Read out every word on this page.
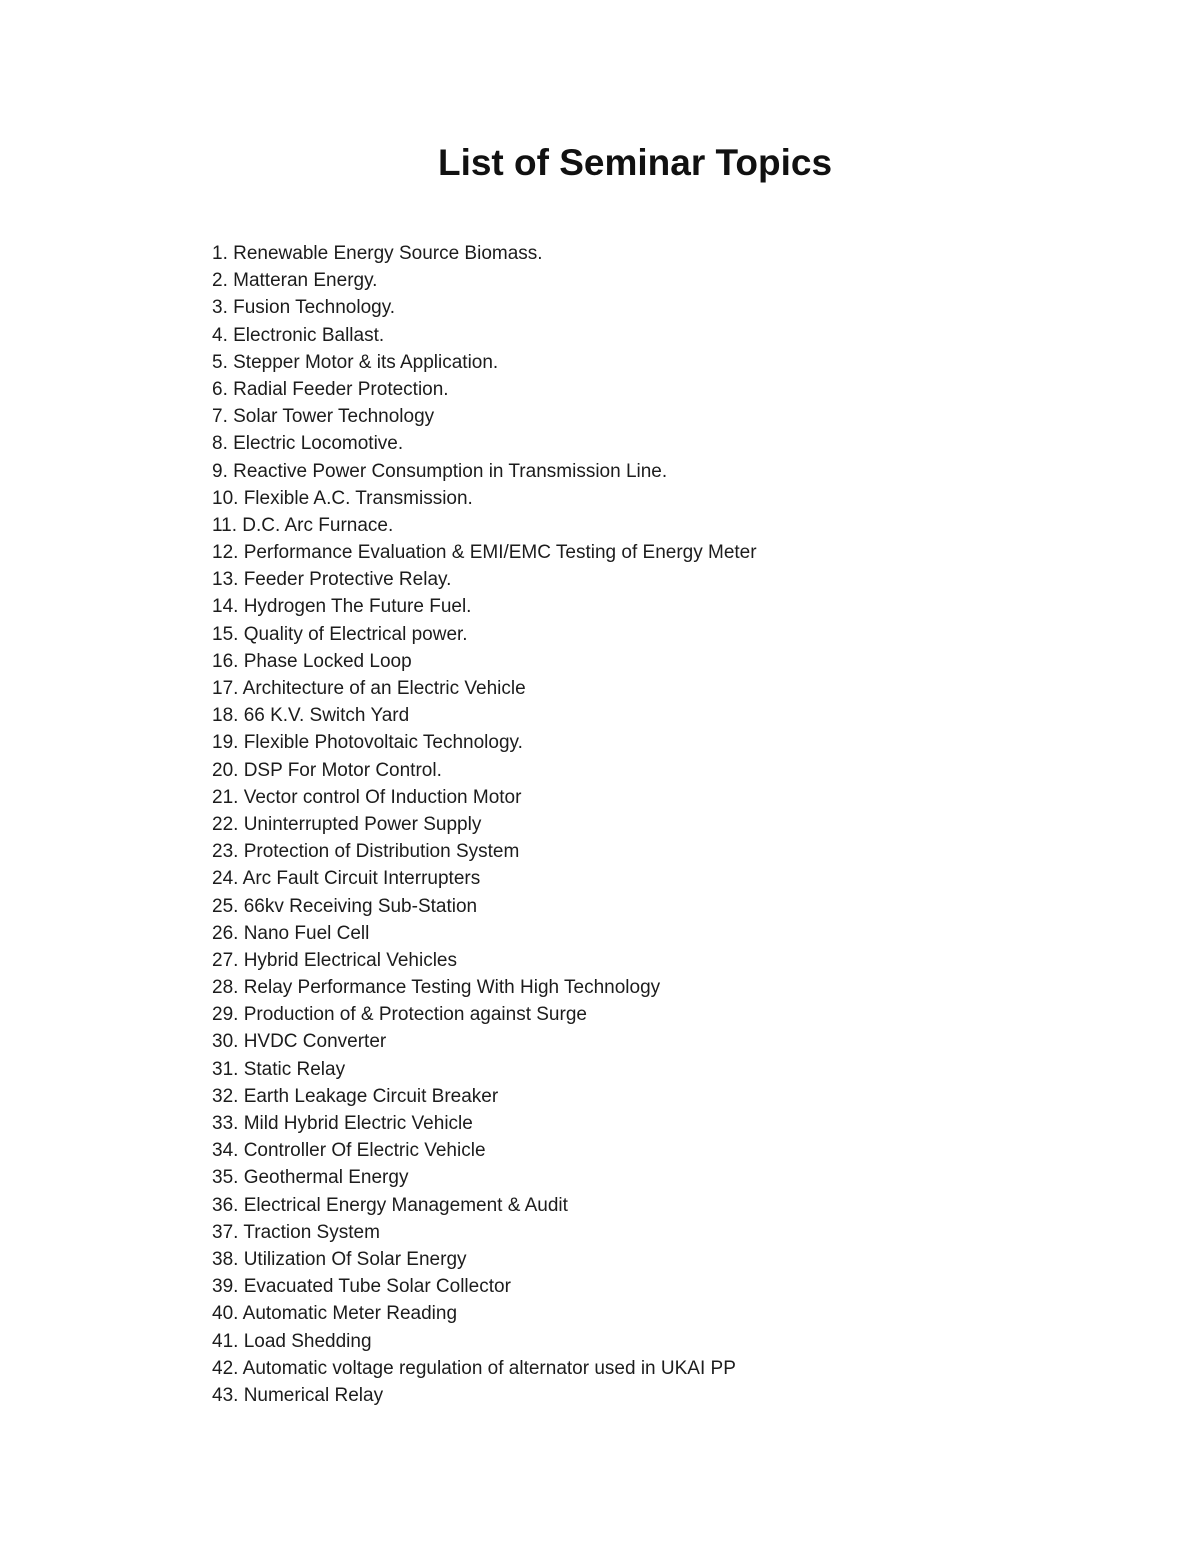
List of Seminar Topics
1. Renewable Energy Source Biomass.
2. Matteran Energy.
3. Fusion Technology.
4. Electronic Ballast.
5. Stepper Motor & its Application.
6. Radial Feeder Protection.
7. Solar Tower Technology
8. Electric Locomotive.
9. Reactive Power Consumption in Transmission Line.
10. Flexible A.C. Transmission.
11. D.C. Arc Furnace.
12. Performance Evaluation & EMI/EMC Testing of Energy Meter
13. Feeder Protective Relay.
14. Hydrogen The Future Fuel.
15. Quality of Electrical power.
16. Phase Locked Loop
17. Architecture of an Electric Vehicle
18. 66 K.V. Switch Yard
19. Flexible Photovoltaic Technology.
20. DSP For Motor Control.
21. Vector control Of Induction Motor
22. Uninterrupted Power Supply
23. Protection of Distribution System
24. Arc Fault Circuit Interrupters
25. 66kv Receiving Sub-Station
26. Nano Fuel Cell
27. Hybrid Electrical Vehicles
28. Relay Performance Testing With High Technology
29. Production of & Protection against Surge
30. HVDC Converter
31. Static Relay
32. Earth Leakage Circuit Breaker
33. Mild Hybrid Electric Vehicle
34. Controller Of Electric Vehicle
35. Geothermal Energy
36. Electrical Energy Management & Audit
37. Traction System
38. Utilization Of Solar Energy
39. Evacuated Tube Solar Collector
40. Automatic Meter Reading
41. Load Shedding
42. Automatic voltage regulation of alternator used in UKAI PP
43. Numerical Relay
